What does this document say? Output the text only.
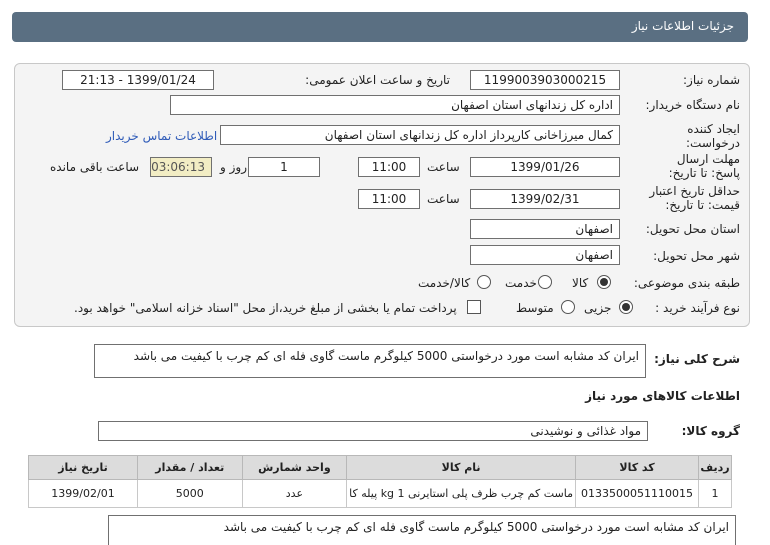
جزئیات اطلاعات نیاز
شماره نیاز:
1199003903000215
تاریخ و ساعت اعلان عمومی:
1399/01/24 - 21:13
نام دستگاه خریدار:
اداره کل زندانهای استان اصفهان
ایجاد کننده درخواست:
کمال میرزاخانی کارپرداز اداره کل زندانهای استان اصفهان
اطلاعات تماس خریدار
مهلت ارسال پاسخ: تا تاریخ:
1399/01/26
ساعت
11:00
1
روز و
03:06:13
ساعت باقی مانده
حداقل تاریخ اعتبار قیمت: تا تاریخ:
1399/02/31
ساعت
11:00
استان محل تحویل:
اصفهان
شهر محل تحویل:
اصفهان
طبقه بندی موضوعی:
کالا
خدمت
کالا/خدمت
نوع فرآیند خرید :
جزیی
متوسط
پرداخت تمام یا بخشی از مبلغ خرید،از محل "اسناد خزانه اسلامی" خواهد بود.
شرح کلی نیاز:
ایران کد مشابه است مورد درخواستی 5000 کیلوگرم ماست گاوی فله ای کم چرب با کیفیت می باشد
اطلاعات کالاهای مورد نیاز
گروه کالا:
مواد غذائی و نوشیدنی
ردیف	کد کالا	نام کالا	واحد شمارش	تعداد / مقدار	تاریخ نیاز
1	0133500051110015	ماست کم چرب ظرف پلی استایرنی 1 kg پیله کا	عدد	5000	1399/02/01
ایران کد مشابه است مورد درخواستی 5000 کیلوگرم ماست گاوی فله ای کم چرب با کیفیت می باشد
